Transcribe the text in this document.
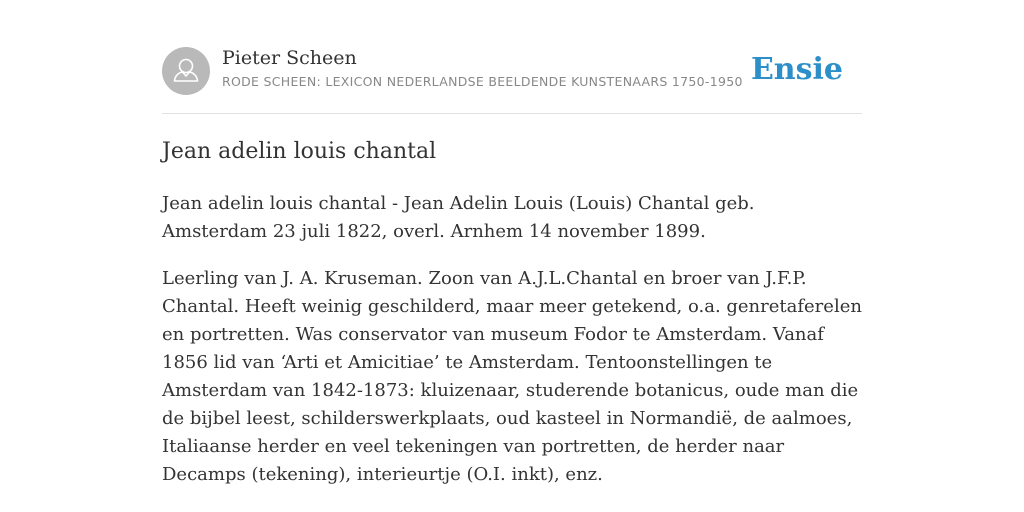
Pieter Scheen
RODE SCHEEN: LEXICON NEDERLANDSE BEELDENDE KUNSTENAARS 1750-1950 Ensie
Jean adelin louis chantal

Jean adelin louis chantal - Jean Adelin Louis (Louis) Chantal geb. Amsterdam 23 juli 1822, overl. Arnhem 14 november 1899.

Leerling van J. A. Kruseman. Zoon van A.J.L.Chantal en broer van J.F.P. Chantal. Heeft weinig geschilderd, maar meer getekend, o.a. genretaferelen en portretten. Was conservator van museum Fodor te Amsterdam. Vanaf 1856 lid van ‘Arti et Amicitiae’ te Amsterdam. Tentoonstellingen te Amsterdam van 1842-1873: kluizenaar, studerende botanicus, oude man die de bijbel leest, schilderswerkplaats, oud kasteel in Normandië, de aalmoes, Italiaanse herder en veel tekeningen van portretten, de herder naar Decamps (tekening), interieurtje (O.I. inkt), enz.
